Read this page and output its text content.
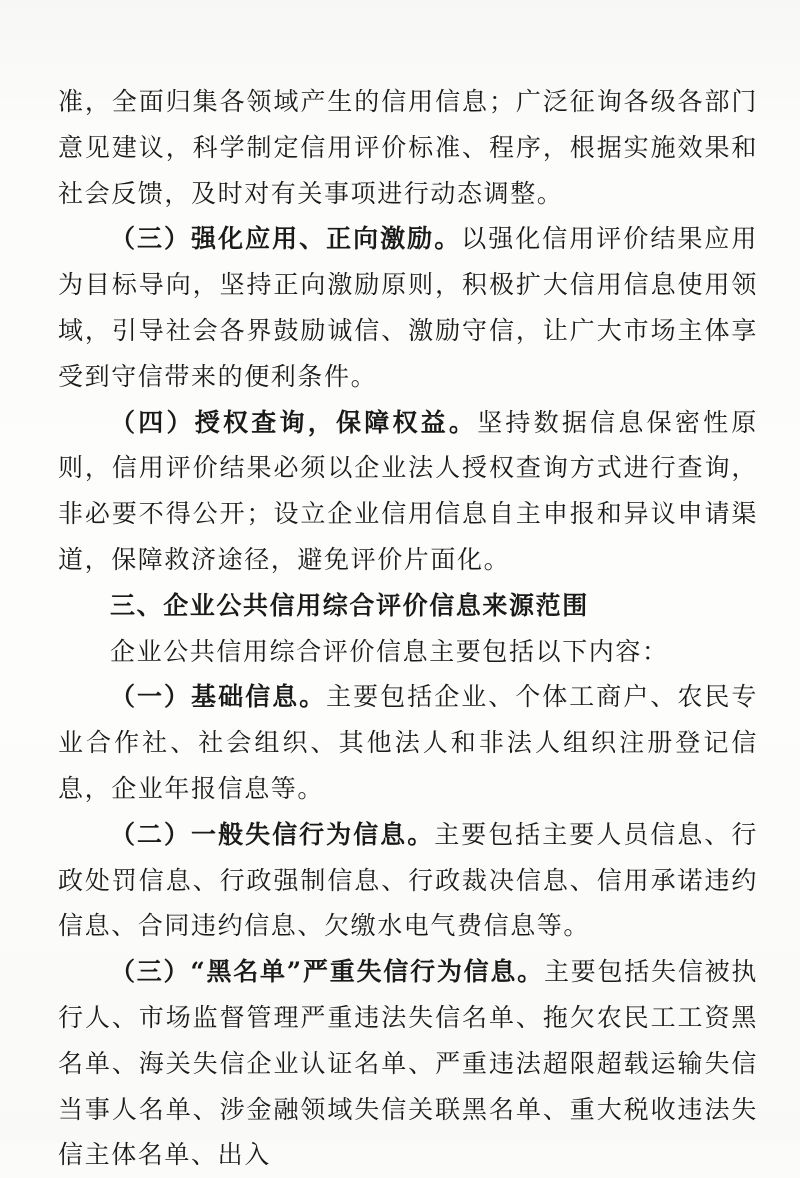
准，全面归集各领域产生的信用信息；广泛征询各级各部门意见建议，科学制定信用评价标准、程序，根据实施效果和社会反馈，及时对有关事项进行动态调整。

（三）强化应用、正向激励。以强化信用评价结果应用为目标导向，坚持正向激励原则，积极扩大信用信息使用领域，引导社会各界鼓励诚信、激励守信，让广大市场主体享受到守信带来的便利条件。

（四）授权查询，保障权益。坚持数据信息保密性原则，信用评价结果必须以企业法人授权查询方式进行查询，非必要不得公开；设立企业信用信息自主申报和异议申请渠道，保障救济途径，避免评价片面化。

三、企业公共信用综合评价信息来源范围

企业公共信用综合评价信息主要包括以下内容：

（一）基础信息。主要包括企业、个体工商户、农民专业合作社、社会组织、其他法人和非法人组织注册登记信息，企业年报信息等。

（二）一般失信行为信息。主要包括主要人员信息、行政处罚信息、行政强制信息、行政裁决信息、信用承诺违约信息、合同违约信息、欠缴水电气费信息等。

（三）“黑名单”严重失信行为信息。主要包括失信被执行人、市场监督管理严重违法失信名单、拖欠农民工工资黑名单、海关失信企业认证名单、严重违法超限超载运输失信当事人名单、涉金融领域失信关联黑名单、重大税收违法失信主体名单、出入
